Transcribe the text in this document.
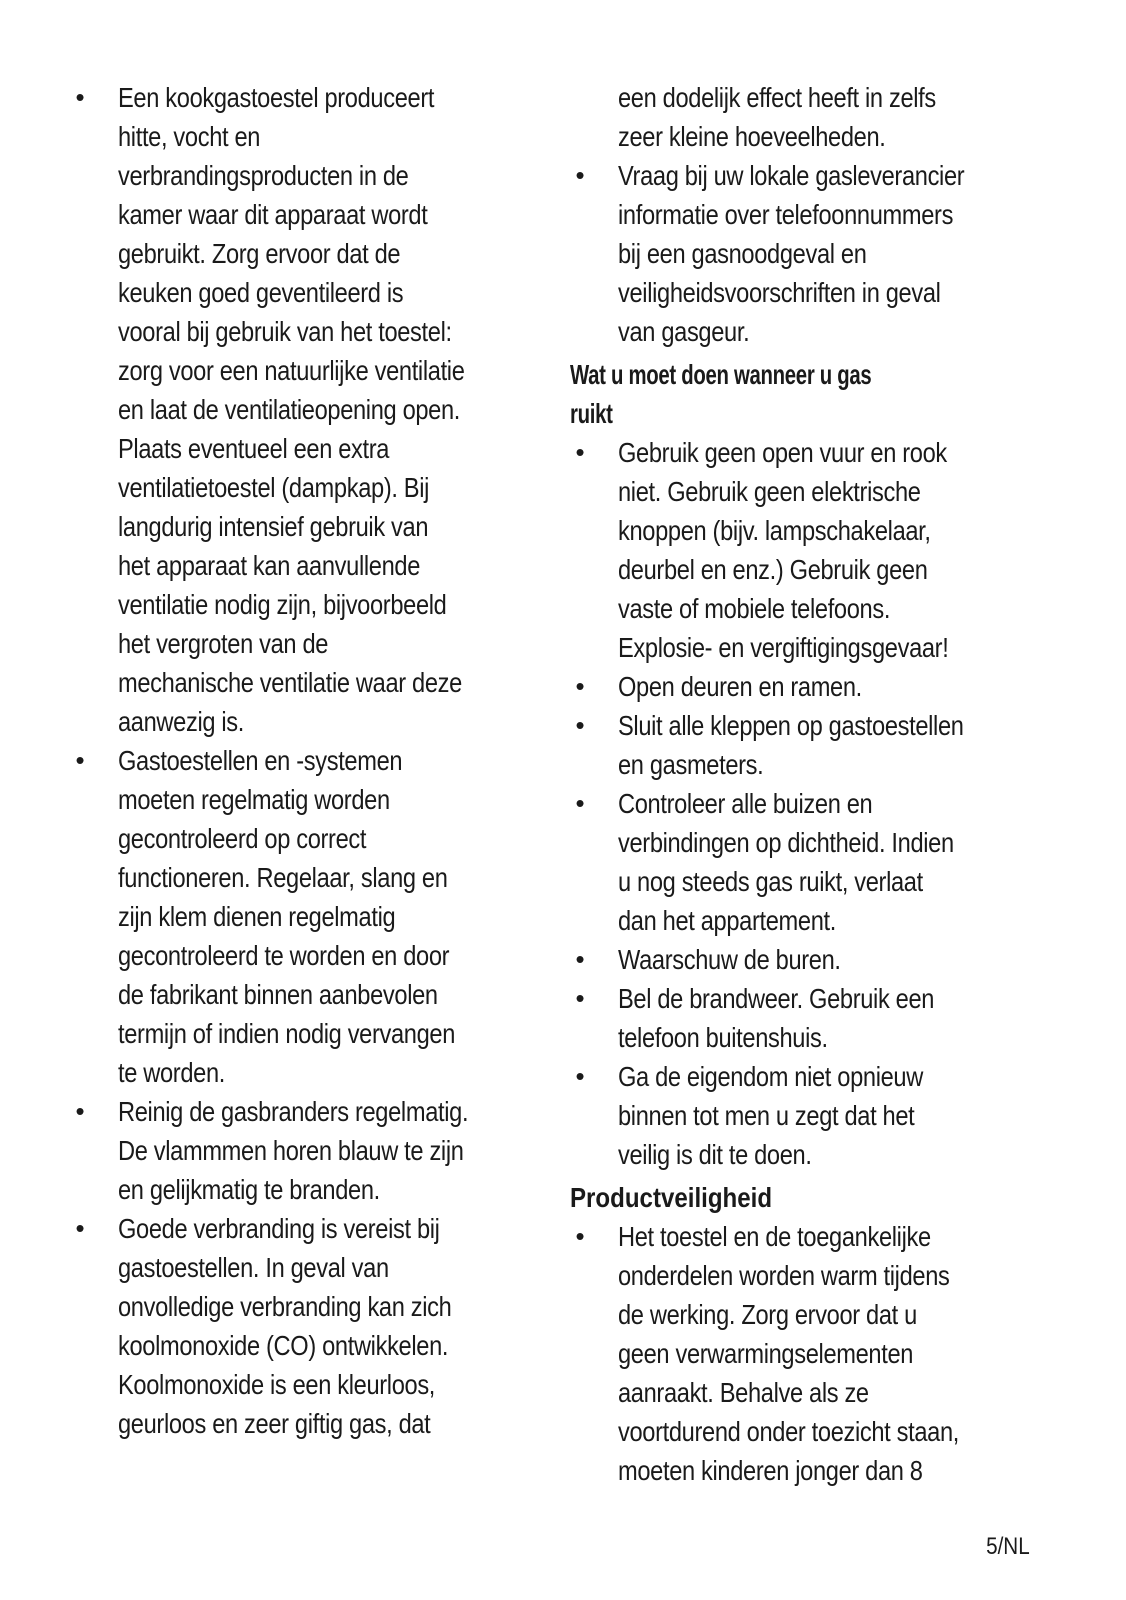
• Een kookgastoestel produceert
hitte, vocht en
verbrandingsproducten in de
kamer waar dit apparaat wordt
gebruikt. Zorg ervoor dat de
keuken goed geventileerd is
vooral bij gebruik van het toestel:
zorg voor een natuurlijke ventilatie
en laat de ventilatieopening open.
Plaats eventueel een extra
ventilatietoestel (dampkap). Bij
langdurig intensief gebruik van
het apparaat kan aanvullende
ventilatie nodig zijn, bijvoorbeeld
het vergroten van de
mechanische ventilatie waar deze
aanwezig is.
• Gastoestellen en -systemen
moeten regelmatig worden
gecontroleerd op correct
functioneren. Regelaar, slang en
zijn klem dienen regelmatig
gecontroleerd te worden en door
de fabrikant binnen aanbevolen
termijn of indien nodig vervangen
te worden.
• Reinig de gasbranders regelmatig.
De vlammmen horen blauw te zijn
en gelijkmatig te branden.
• Goede verbranding is vereist bij
gastoestellen. In geval van
onvolledige verbranding kan zich
koolmonoxide (CO) ontwikkelen.
Koolmonoxide is een kleurloos,
geurloos en zeer giftig gas, dat
een dodelijk effect heeft in zelfs
zeer kleine hoeveelheden.
• Vraag bij uw lokale gasleverancier
informatie over telefoonnummers
bij een gasnoodgeval en
veiligheidsvoorschriften in geval
van gasgeur.
Wat u moet doen wanneer u gas
ruikt
• Gebruik geen open vuur en rook
niet. Gebruik geen elektrische
knoppen (bijv. lampschakelaar,
deurbel en enz.) Gebruik geen
vaste of mobiele telefoons.
Explosie- en vergiftigingsgevaar!
• Open deuren en ramen.
• Sluit alle kleppen op gastoestellen
en gasmeters.
• Controleer alle buizen en
verbindingen op dichtheid. Indien
u nog steeds gas ruikt, verlaat
dan het appartement.
• Waarschuw de buren.
• Bel de brandweer. Gebruik een
telefoon buitenshuis.
• Ga de eigendom niet opnieuw
binnen tot men u zegt dat het
veilig is dit te doen.
Productveiligheid
• Het toestel en de toegankelijke
onderdelen worden warm tijdens
de werking. Zorg ervoor dat u
geen verwarmingselementen
aanraakt. Behalve als ze
voortdurend onder toezicht staan,
moeten kinderen jonger dan 8
5/NL
